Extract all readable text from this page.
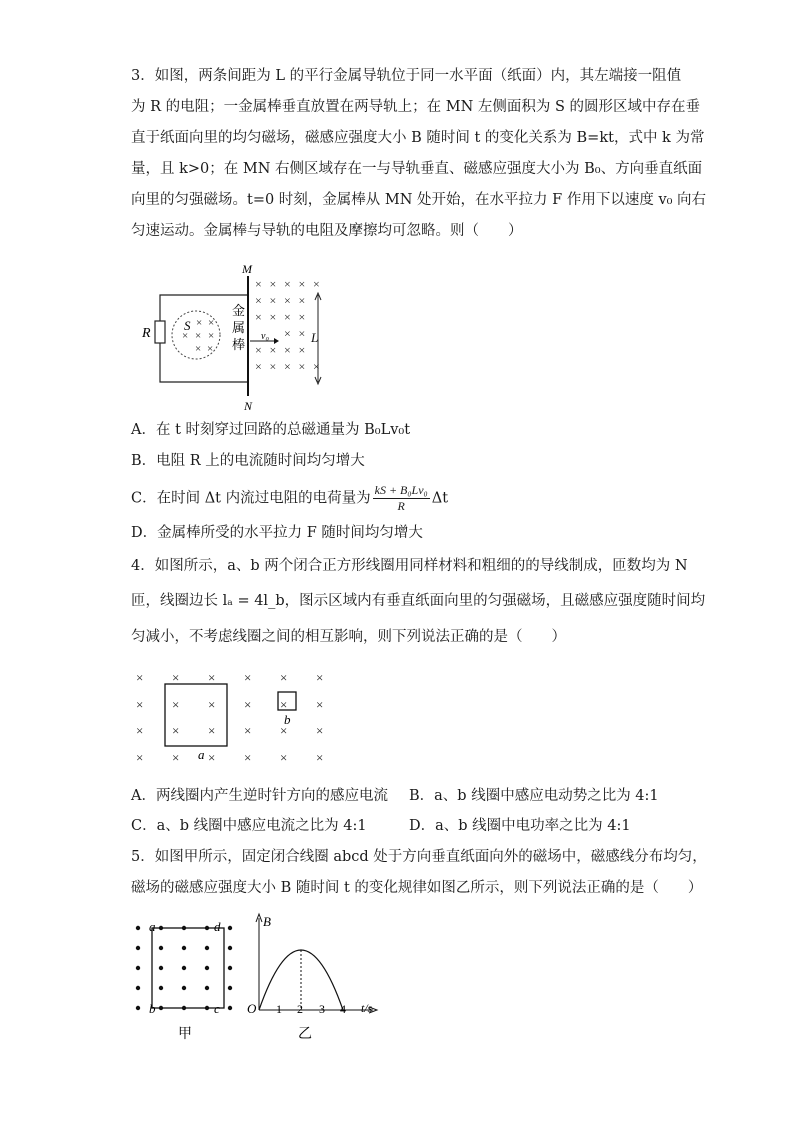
3．如图，两条间距为 L 的平行金属导轨位于同一水平面（纸面）内，其左端接一阻值
为 R 的电阻；一金属棒垂直放置在两导轨上；在 MN 左侧面积为 S 的圆形区域中存在垂
直于纸面向里的均匀磁场，磁感应强度大小 B 随时间 t 的变化关系为 B=kt，式中 k 为常
量，且 k>0；在 MN 右侧区域存在一与导轨垂直、磁感应强度大小为 B₀、方向垂直纸面
向里的匀强磁场。t=0 时刻，金属棒从 MN 处开始，在水平拉力 F 作用下以速度 v₀ 向右
匀速运动。金属棒与导轨的电阻及摩擦均可忽略。则（　　）
R
S × ×
× × ×
× ×
M
N
金
属
棒
v₀
× × × × ×
× × × ×
× × × ×
× ×
× × × ×
× × × × ×
L
A．在 t 时刻穿过回路的总磁通量为 B₀Lv₀t
B．电阻 R 上的电流随时间均匀增大
C．在时间 Δt 内流过电阻的电荷量为 $\frac{\text{kS + B₀Lv₀}}{R}$ Δt
D．金属棒所受的水平拉力 F 随时间均匀增大
4．如图所示，a、b 两个闭合正方形线圈用同样材料和粗细的的导线制成，匝数均为 N
匝，线圈边长 lₐ = 4l_b，图示区域内有垂直纸面向里的匀强磁场，且磁感应强度随时间均
匀减小，不考虑线圈之间的相互影响，则下列说法正确的是（　　）
×
×
×
×
×
×
×
×
×
×
×
×
×
×
×
×
×
×
×
×
×
×
×
×
a
b
A．两线圈内产生逆时针方向的感应电流 B．a、b 线圈中感应电动势之比为 4:1
C．a、b 线圈中感应电流之比为 4:1	D．a、b 线圈中电功率之比为 4:1
5．如图甲所示，固定闭合线圈 abcd 处于方向垂直纸面向外的磁场中，磁感线分布均匀，
磁场的磁感应强度大小 B 随时间 t 的变化规律如图乙所示，则下列说法正确的是（　　）
a	d
b	c
甲
B
t/s
O 1 2 3 4
乙
